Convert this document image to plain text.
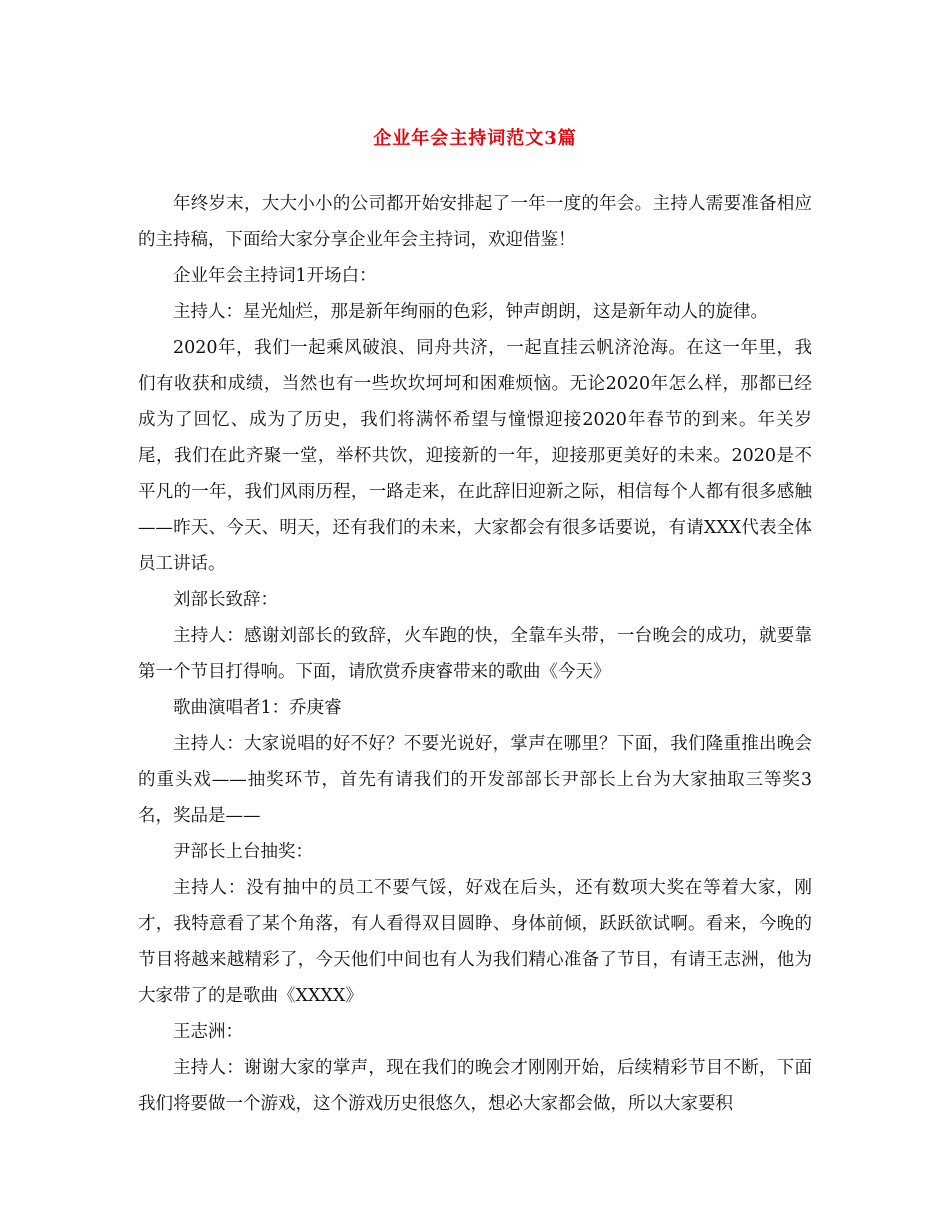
企业年会主持词范文3篇

年终岁末，大大小小的公司都开始安排起了一年一度的年会。主持人需要准备相应的主持稿，下面给大家分享企业年会主持词，欢迎借鉴！

企业年会主持词1开场白：

主持人：星光灿烂，那是新年绚丽的色彩，钟声朗朗，这是新年动人的旋律。

2020年，我们一起乘风破浪、同舟共济，一起直挂云帆济沧海。在这一年里，我们有收获和成绩，当然也有一些坎坎坷坷和困难烦恼。无论2020年怎么样，那都已经成为了回忆、成为了历史，我们将满怀希望与憧憬迎接2020年春节的到来。年关岁尾，我们在此齐聚一堂，举杯共饮，迎接新的一年，迎接那更美好的未来。2020是不平凡的一年，我们风雨历程，一路走来，在此辞旧迎新之际，相信每个人都有很多感触——昨天、今天、明天，还有我们的未来，大家都会有很多话要说，有请XXX代表全体员工讲话。

刘部长致辞：

主持人：感谢刘部长的致辞，火车跑的快，全靠车头带，一台晚会的成功，就要靠第一个节目打得响。下面，请欣赏乔庚睿带来的歌曲《今天》

歌曲演唱者1：乔庚睿

主持人：大家说唱的好不好？不要光说好，掌声在哪里？下面，我们隆重推出晚会的重头戏——抽奖环节，首先有请我们的开发部部长尹部长上台为大家抽取三等奖3名，奖品是——

尹部长上台抽奖：

主持人：没有抽中的员工不要气馁，好戏在后头，还有数项大奖在等着大家，刚才，我特意看了某个角落，有人看得双目圆睁、身体前倾，跃跃欲试啊。看来，今晚的节目将越来越精彩了，今天他们中间也有人为我们精心准备了节目，有请王志洲，他为大家带了的是歌曲《XXXX》

王志洲：

主持人：谢谢大家的掌声，现在我们的晚会才刚刚开始，后续精彩节目不断，下面我们将要做一个游戏，这个游戏历史很悠久，想必大家都会做，所以大家要积
